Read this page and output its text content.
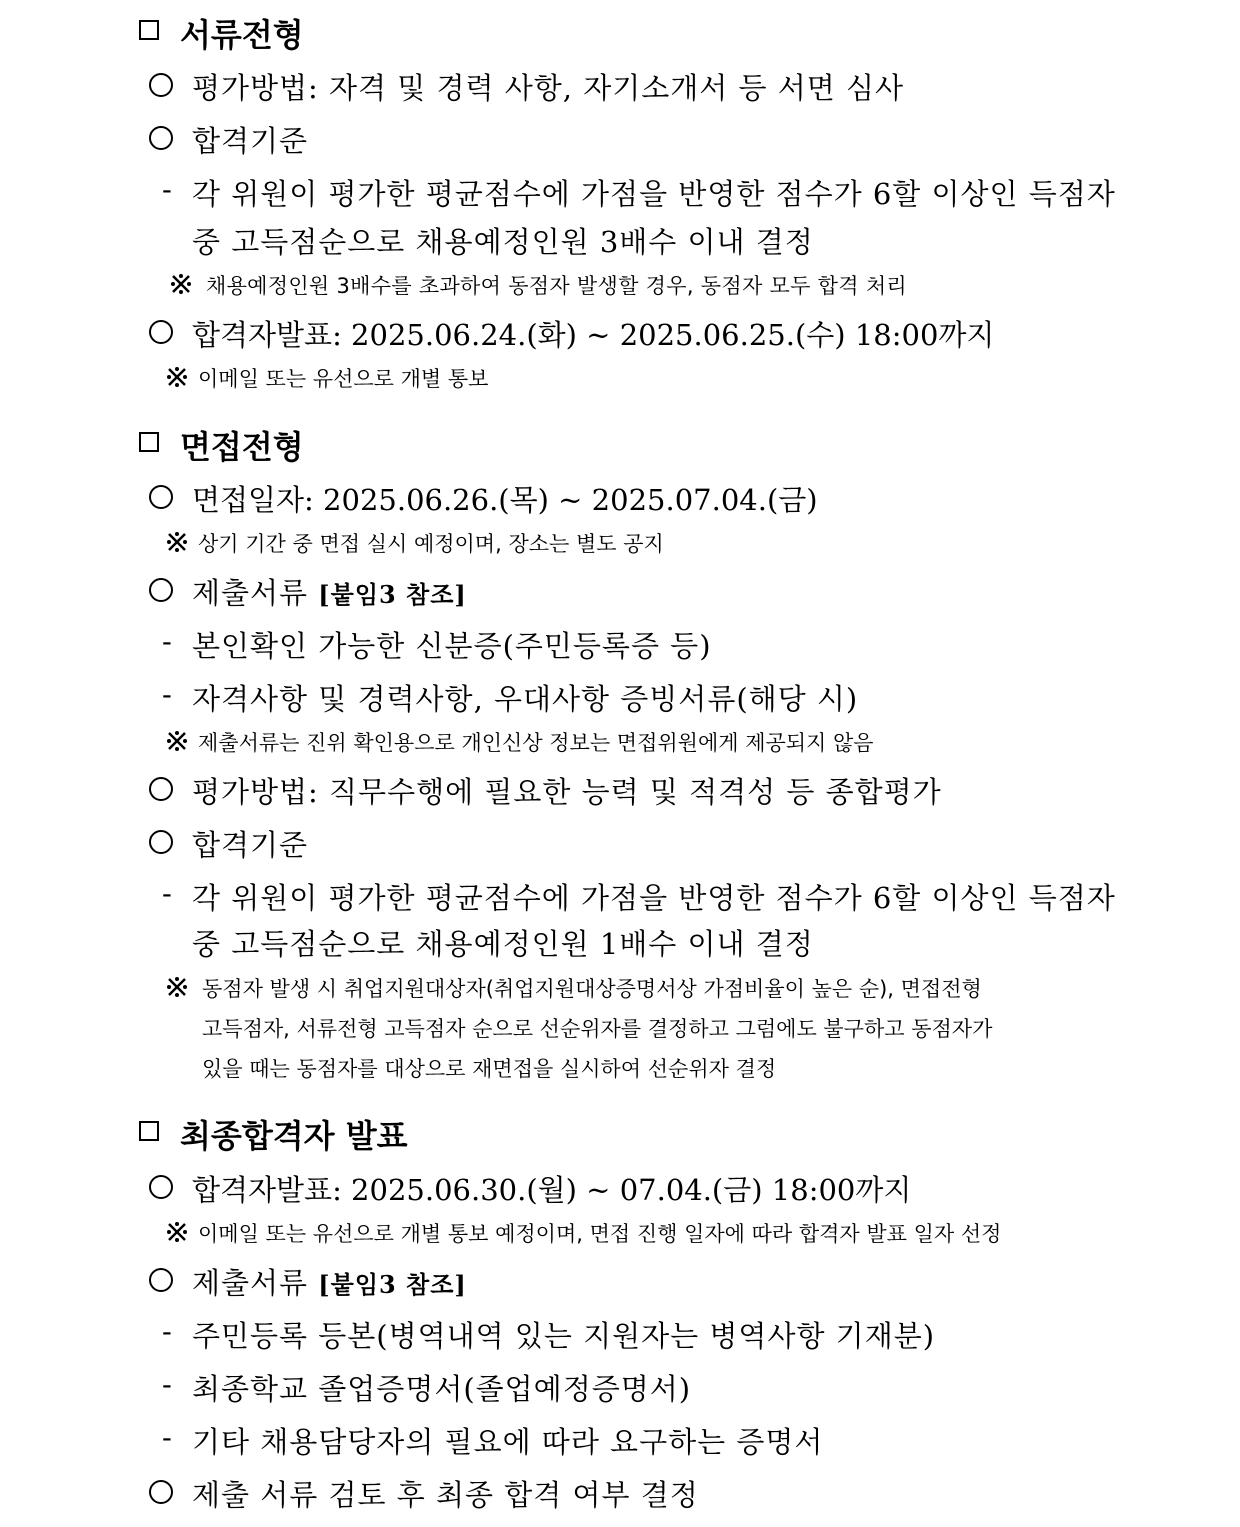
서류전형
평가방법: 자격 및 경력 사항, 자기소개서 등 서면 심사
합격기준
- 각 위원이 평가한 평균점수에 가점을 반영한 점수가 6할 이상인 득점자
중 고득점순으로 채용예정인원 3배수 이내 결정
채용예정인원 3배수를 초과하여 동점자 발생할 경우, 동점자 모두 합격 처리
합격자발표: 2025.06.24.(화) ~ 2025.06.25.(수) 18:00까지
이메일 또는 유선으로 개별 통보
면접전형
면접일자: 2025.06.26.(목) ~ 2025.07.04.(금)
상기 기간 중 면접 실시 예정이며, 장소는 별도 공지
제출서류 [붙임3 참조]
- 본인확인 가능한 신분증(주민등록증 등)
- 자격사항 및 경력사항, 우대사항 증빙서류(해당 시)
제출서류는 진위 확인용으로 개인신상 정보는 면접위원에게 제공되지 않음
평가방법: 직무수행에 필요한 능력 및 적격성 등 종합평가
합격기준
- 각 위원이 평가한 평균점수에 가점을 반영한 점수가 6할 이상인 득점자
중 고득점순으로 채용예정인원 1배수 이내 결정
동점자 발생 시 취업지원대상자(취업지원대상증명서상 가점비율이 높은 순), 면접전형
고득점자, 서류전형 고득점자 순으로 선순위자를 결정하고 그럼에도 불구하고 동점자가
있을 때는 동점자를 대상으로 재면접을 실시하여 선순위자 결정
최종합격자 발표
합격자발표: 2025.06.30.(월) ~ 07.04.(금) 18:00까지
이메일 또는 유선으로 개별 통보 예정이며, 면접 진행 일자에 따라 합격자 발표 일자 선정
제출서류 [붙임3 참조]
- 주민등록 등본(병역내역 있는 지원자는 병역사항 기재분)
- 최종학교 졸업증명서(졸업예정증명서)
- 기타 채용담당자의 필요에 따라 요구하는 증명서
제출 서류 검토 후 최종 합격 여부 결정
